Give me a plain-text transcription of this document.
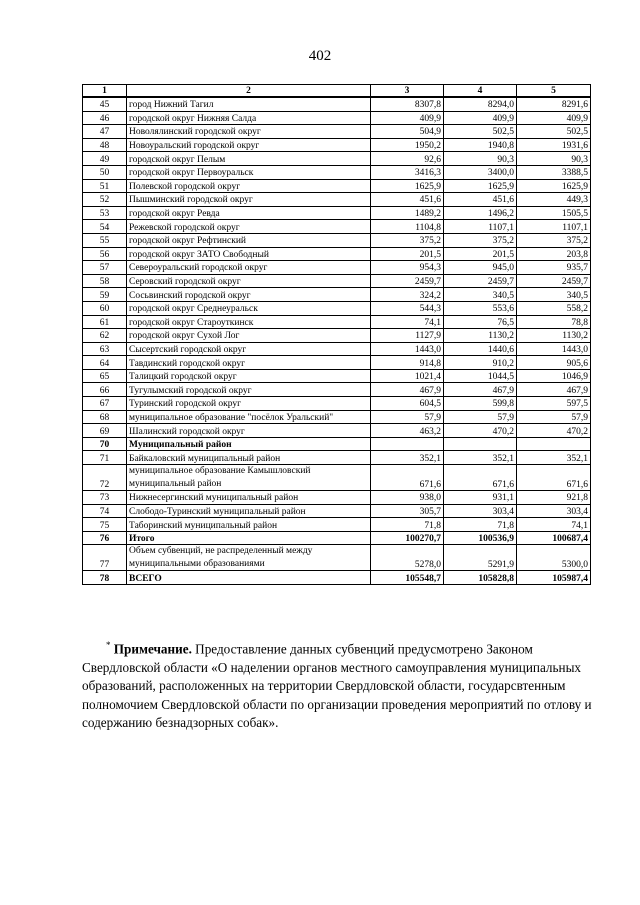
402
1	2	3	4	5
45	город Нижний Тагил	8307,8	8294,0	8291,6
46	городской округ Нижняя Салда	409,9	409,9	409,9
47	Новолялинский городской округ	504,9	502,5	502,5
48	Новоуральский городской округ	1950,2	1940,8	1931,6
49	городской округ Пелым	92,6	90,3	90,3
50	городской округ Первоуральск	3416,3	3400,0	3388,5
51	Полевской городской округ	1625,9	1625,9	1625,9
52	Пышминский городской округ	451,6	451,6	449,3
53	городской округ Ревда	1489,2	1496,2	1505,5
54	Режевской городской округ	1104,8	1107,1	1107,1
55	городской округ Рефтинский	375,2	375,2	375,2
56	городской округ ЗАТО Свободный	201,5	201,5	203,8
57	Североуральский городской округ	954,3	945,0	935,7
58	Серовский городской округ	2459,7	2459,7	2459,7
59	Сосьвинский городской округ	324,2	340,5	340,5
60	городской округ Среднеуральск	544,3	553,6	558,2
61	городской округ Староуткинск	74,1	76,5	78,8
62	городской округ Сухой Лог	1127,9	1130,2	1130,2
63	Сысертский городской округ	1443,0	1440,6	1443,0
64	Тавдинский городской округ	914,8	910,2	905,6
65	Талицкий городской округ	1021,4	1044,5	1046,9
66	Тугулымский городской округ	467,9	467,9	467,9
67	Туринский городской округ	604,5	599,8	597,5
68	муниципальное образование "посёлок Уральский"	57,9	57,9	57,9
69	Шалинский городской округ	463,2	470,2	470,2
70	Муниципальный район			
71	Байкаловский муниципальный район	352,1	352,1	352,1
72	муниципальное образование Камышловский муниципальный район	671,6	671,6	671,6
73	Нижнесергинский муниципальный район	938,0	931,1	921,8
74	Слободо-Туринский муниципальный район	305,7	303,4	303,4
75	Таборинский муниципальный район	71,8	71,8	74,1
76	Итого	100270,7	100536,9	100687,4
77	Объем субвенций, не распределенный между муниципальными образованиями	5278,0	5291,9	5300,0
78	ВСЕГО	105548,7	105828,8	105987,4
* Примечание. Предоставление данных субвенций предусмотрено Законом Свердловской области «О наделении органов местного самоуправления муниципальных образований, расположенных на территории Свердловской области, государсвтенным полномочием Свердловской области по организации проведения мероприятий по отлову и содержанию безнадзорных собак».
